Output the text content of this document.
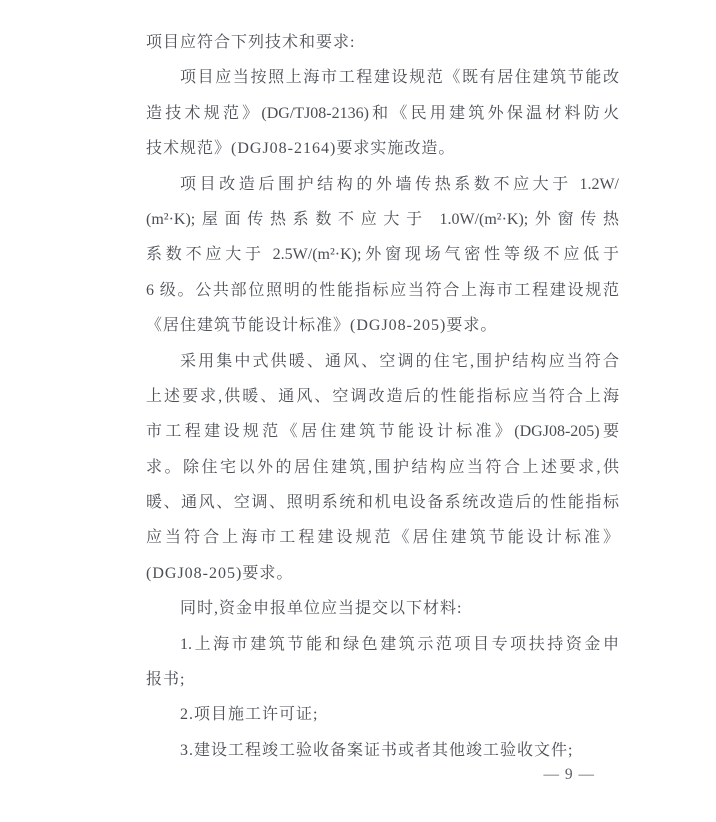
项目应符合下列技术和要求:

项目应当按照上海市工程建设规范《既有居住建筑节能改

造技术规范》(DG/TJ08-2136)和《民用建筑外保温材料防火

技术规范》(DGJ08-2164)要求实施改造。

项目改造后围护结构的外墙传热系数不应大于 1.2W/

(m²·K);屋面传热系数不应大于 1.0W/(m²·K);外窗传热

系数不应大于 2.5W/(m²·K);外窗现场气密性等级不应低于

6 级。公共部位照明的性能指标应当符合上海市工程建设规范

《居住建筑节能设计标准》(DGJ08-205)要求。

采用集中式供暖、通风、空调的住宅,围护结构应当符合

上述要求,供暖、通风、空调改造后的性能指标应当符合上海

市工程建设规范《居住建筑节能设计标准》(DGJ08-205)要

求。除住宅以外的居住建筑,围护结构应当符合上述要求,供

暖、通风、空调、照明系统和机电设备系统改造后的性能指标

应当符合上海市工程建设规范《居住建筑节能设计标准》

(DGJ08-205)要求。

同时,资金申报单位应当提交以下材料:

1.上海市建筑节能和绿色建筑示范项目专项扶持资金申

报书;

2.项目施工许可证;

3.建设工程竣工验收备案证书或者其他竣工验收文件;

— 9 —
